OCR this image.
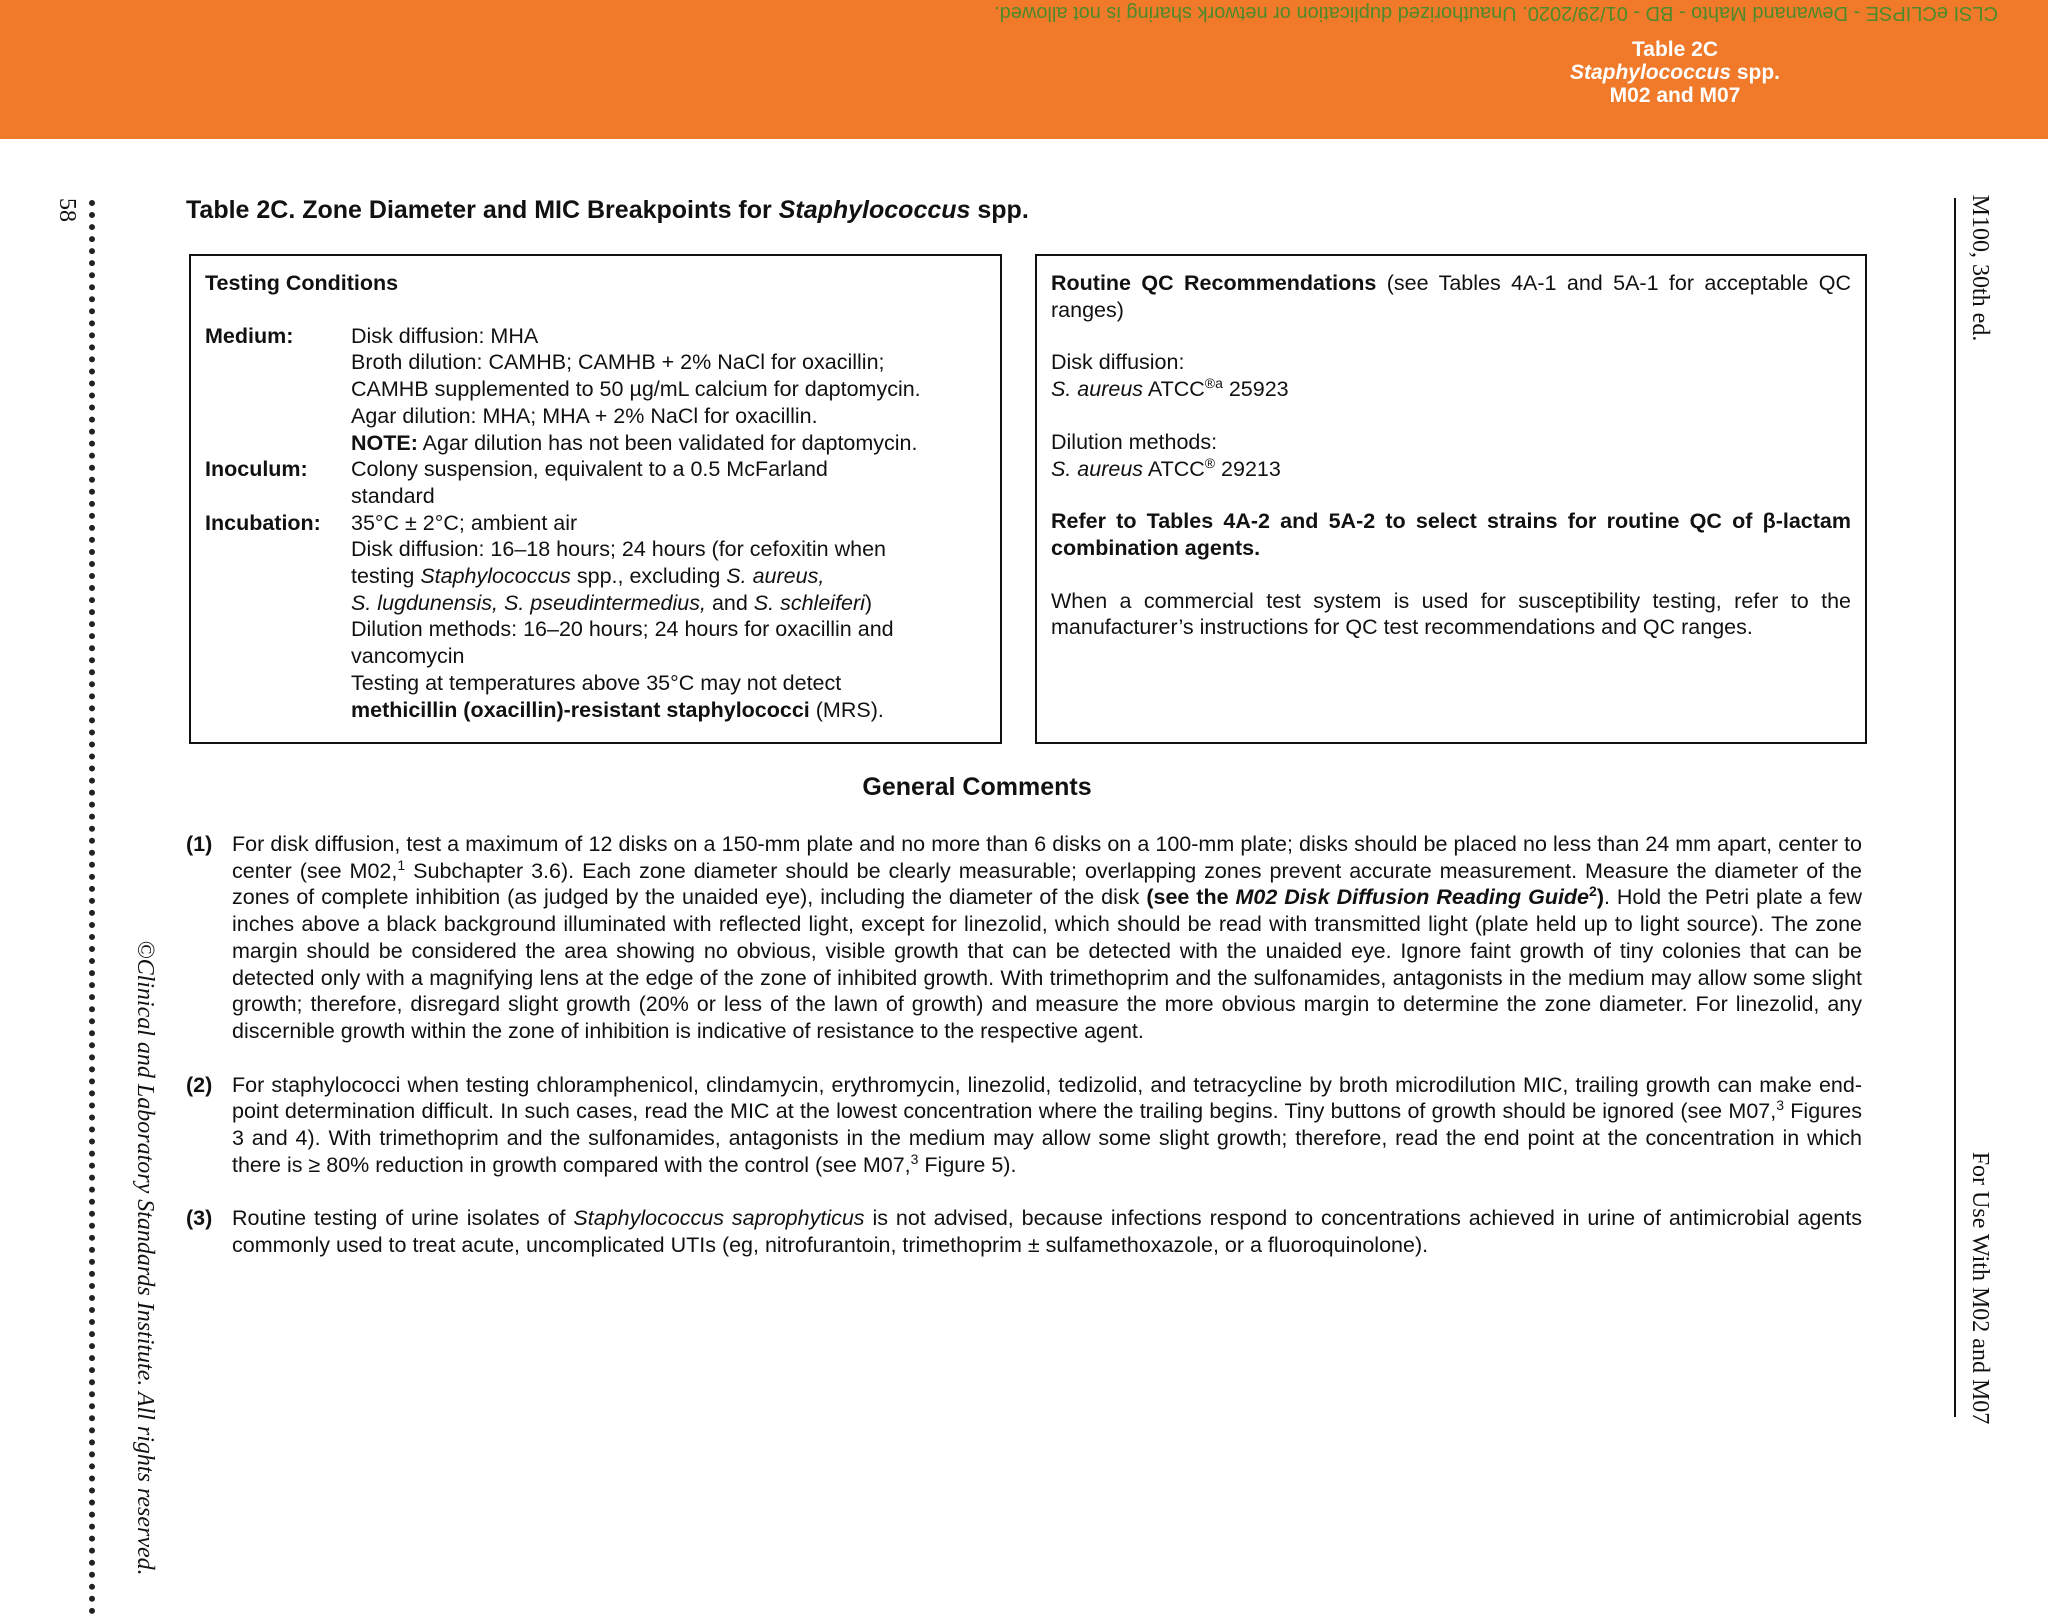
CLSI eCLIPSE - Dewanand Mahto - BD - 01/29/2020. Unauthorized duplication or network sharing is not allowed.
Table 2C
Staphylococcus spp.
M02 and M07
58
©Clinical and Laboratory Standards Institute. All rights reserved.
M100, 30th ed.
For Use With M02 and M07
Table 2C. Zone Diameter and MIC Breakpoints for Staphylococcus spp.
Testing Conditions
Medium:	Disk diffusion: MHA
Broth dilution: CAMHB; CAMHB + 2% NaCl for oxacillin;
CAMHB supplemented to 50 µg/mL calcium for daptomycin.
Agar dilution: MHA; MHA + 2% NaCl for oxacillin.
NOTE: Agar dilution has not been validated for daptomycin.
Inoculum:	Colony suspension, equivalent to a 0.5 McFarland
standard
Incubation:	35°C ± 2°C; ambient air
Disk diffusion: 16–18 hours; 24 hours (for cefoxitin when
testing Staphylococcus spp., excluding S. aureus,
S. lugdunensis, S. pseudintermedius, and S. schleiferi)
Dilution methods: 16–20 hours; 24 hours for oxacillin and
vancomycin
Testing at temperatures above 35°C may not detect
methicillin (oxacillin)-resistant staphylococci (MRS).
Routine QC Recommendations (see Tables 4A-1 and 5A-1 for acceptable QC ranges)
Disk diffusion:
S. aureus $ATCC^{®a}$ 25923
Dilution methods:
S. aureus ATCC® 29213
Refer to Tables 4A-2 and 5A-2 to select strains for routine QC of β-lactam combination agents.
When a commercial test system is used for susceptibility testing, refer to the manufacturer’s instructions for QC test recommendations and QC ranges.
General Comments
(1) For disk diffusion, test a maximum of 12 disks on a 150-mm plate and no more than 6 disks on a 100-mm plate; disks should be placed no less than 24 mm apart, center to center (see M02,$^1$ Subchapter 3.6). Each zone diameter should be clearly measurable; overlapping zones prevent accurate measurement. Measure the diameter of the zones of complete inhibition (as judged by the unaided eye), including the diameter of the disk (see the M02 Disk Diffusion Reading Guide$^2$). Hold the Petri plate a few inches above a black background illuminated with reflected light, except for linezolid, which should be read with transmitted light (plate held up to light source). The zone margin should be considered the area showing no obvious, visible growth that can be detected with the unaided eye. Ignore faint growth of tiny colonies that can be detected only with a magnifying lens at the edge of the zone of inhibited growth. With trimethoprim and the sulfonamides, antagonists in the medium may allow some slight growth; therefore, disregard slight growth (20% or less of the lawn of growth) and measure the more obvious margin to determine the zone diameter. For linezolid, any discernible growth within the zone of inhibition is indicative of resistance to the respective agent.
(2) For staphylococci when testing chloramphenicol, clindamycin, erythromycin, linezolid, tedizolid, and tetracycline by broth microdilution MIC, trailing growth can make end-point determination difficult. In such cases, read the MIC at the lowest concentration where the trailing begins. Tiny buttons of growth should be ignored (see M07,$^3$ Figures 3 and 4). With trimethoprim and the sulfonamides, antagonists in the medium may allow some slight growth; therefore, read the end point at the concentration in which there is ≥ 80% reduction in growth compared with the control (see M07,$^3$ Figure 5).
(3) Routine testing of urine isolates of Staphylococcus saprophyticus is not advised, because infections respond to concentrations achieved in urine of antimicrobial agents commonly used to treat acute, uncomplicated UTIs (eg, nitrofurantoin, trimethoprim ± sulfamethoxazole, or a fluoroquinolone).
